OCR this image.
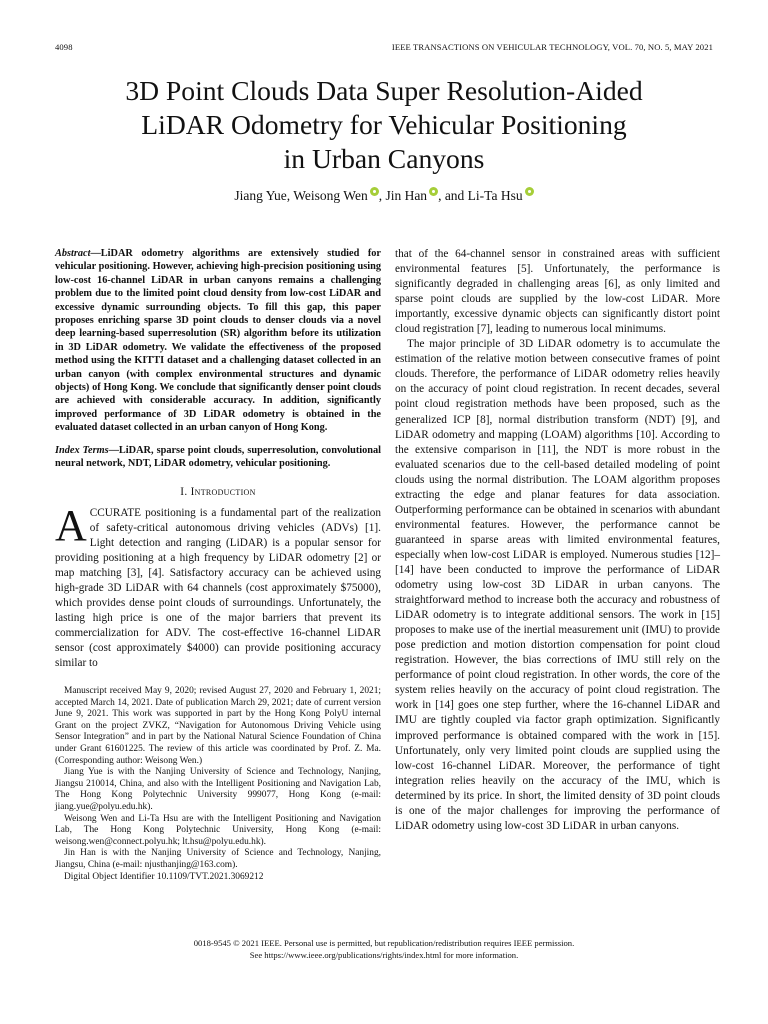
4098	IEEE TRANSACTIONS ON VEHICULAR TECHNOLOGY, VOL. 70, NO. 5, MAY 2021
3D Point Clouds Data Super Resolution-Aided
LiDAR Odometry for Vehicular Positioning
in Urban Canyons
Jiang Yue, Weisong Wen , Jin Han , and Li-Ta Hsu

Abstract—LiDAR odometry algorithms are extensively studied for vehicular positioning. However, achieving high-precision positioning using low-cost 16-channel LiDAR in urban canyons remains a challenging problem due to the limited point cloud density from low-cost LiDAR and excessive dynamic surrounding objects. To fill this gap, this paper proposes enriching sparse 3D point clouds to denser clouds via a novel deep learning-based superresolution (SR) algorithm before its utilization in 3D LiDAR odometry. We validate the effectiveness of the proposed method using the KITTI dataset and a challenging dataset collected in an urban canyon (with complex environmental structures and dynamic objects) of Hong Kong. We conclude that significantly denser point clouds are achieved with considerable accuracy. In addition, significantly improved performance of 3D LiDAR odometry is obtained in the evaluated dataset collected in an urban canyon of Hong Kong.

Index Terms—LiDAR, sparse point clouds, superresolution, convolutional neural network, NDT, LiDAR odometry, vehicular positioning.

I. Introduction

ACCURATE positioning is a fundamental part of the realization of safety-critical autonomous driving vehicles (ADVs) [1]. Light detection and ranging (LiDAR) is a popular sensor for providing positioning at a high frequency by LiDAR odometry [2] or map matching [3], [4]. Satisfactory accuracy can be achieved using high-grade 3D LiDAR with 64 channels (cost approximately $75000), which provides dense point clouds of surroundings. Unfortunately, the lasting high price is one of the major barriers that prevent its commercialization for ADV. The cost-effective 16-channel LiDAR sensor (cost approximately $4000) can provide positioning accuracy similar to

Manuscript received May 9, 2020; revised August 27, 2020 and February 1, 2021; accepted March 14, 2021. Date of publication March 29, 2021; date of current version June 9, 2021. This work was supported in part by the Hong Kong PolyU internal Grant on the project ZVKZ, “Navigation for Autonomous Driving Vehicle using Sensor Integration” and in part by the National Natural Science Foundation of China under Grant 61601225. The review of this article was coordinated by Prof. Z. Ma. (Corresponding author: Weisong Wen.)

Jiang Yue is with the Nanjing University of Science and Technology, Nanjing, Jiangsu 210014, China, and also with the Intelligent Positioning and Navigation Lab, The Hong Kong Polytechnic University 999077, Hong Kong (e-mail: jiang.yue@polyu.edu.hk).

Weisong Wen and Li-Ta Hsu are with the Intelligent Positioning and Navigation Lab, The Hong Kong Polytechnic University, Hong Kong (e-mail: weisong.wen@connect.polyu.hk; lt.hsu@polyu.edu.hk).

Jin Han is with the Nanjing University of Science and Technology, Nanjing, Jiangsu, China (e-mail: njusthanjing@163.com).

Digital Object Identifier 10.1109/TVT.2021.3069212

that of the 64-channel sensor in constrained areas with sufficient environmental features [5]. Unfortunately, the performance is significantly degraded in challenging areas [6], as only limited and sparse point clouds are supplied by the low-cost LiDAR. More importantly, excessive dynamic objects can significantly distort point cloud registration [7], leading to numerous local minimums.

The major principle of 3D LiDAR odometry is to accumulate the estimation of the relative motion between consecutive frames of point clouds. Therefore, the performance of LiDAR odometry relies heavily on the accuracy of point cloud registration. In recent decades, several point cloud registration methods have been proposed, such as the generalized ICP [8], normal distribution transform (NDT) [9], and LiDAR odometry and mapping (LOAM) algorithms [10]. According to the extensive comparison in [11], the NDT is more robust in the evaluated scenarios due to the cell-based detailed modeling of point clouds using the normal distribution. The LOAM algorithm proposes extracting the edge and planar features for data association. Outperforming performance can be obtained in scenarios with abundant environmental features. However, the performance cannot be guaranteed in sparse areas with limited environmental features, especially when low-cost LiDAR is employed. Numerous studies [12]–[14] have been conducted to improve the performance of LiDAR odometry using low-cost 3D LiDAR in urban canyons. The straightforward method to increase both the accuracy and robustness of LiDAR odometry is to integrate additional sensors. The work in [15] proposes to make use of the inertial measurement unit (IMU) to provide pose prediction and motion distortion compensation for point cloud registration. However, the bias corrections of IMU still rely on the performance of point cloud registration. In other words, the core of the system relies heavily on the accuracy of point cloud registration. The work in [14] goes one step further, where the 16-channel LiDAR and IMU are tightly coupled via factor graph optimization. Significantly improved performance is obtained compared with the work in [15]. Unfortunately, only very limited point clouds are supplied using the low-cost 16-channel LiDAR. Moreover, the performance of tight integration relies heavily on the accuracy of the IMU, which is determined by its price. In short, the limited density of 3D point clouds is one of the major challenges for improving the performance of LiDAR odometry using low-cost 3D LiDAR in urban canyons.

0018-9545 © 2021 IEEE. Personal use is permitted, but republication/redistribution requires IEEE permission.
See https://www.ieee.org/publications/rights/index.html for more information.
